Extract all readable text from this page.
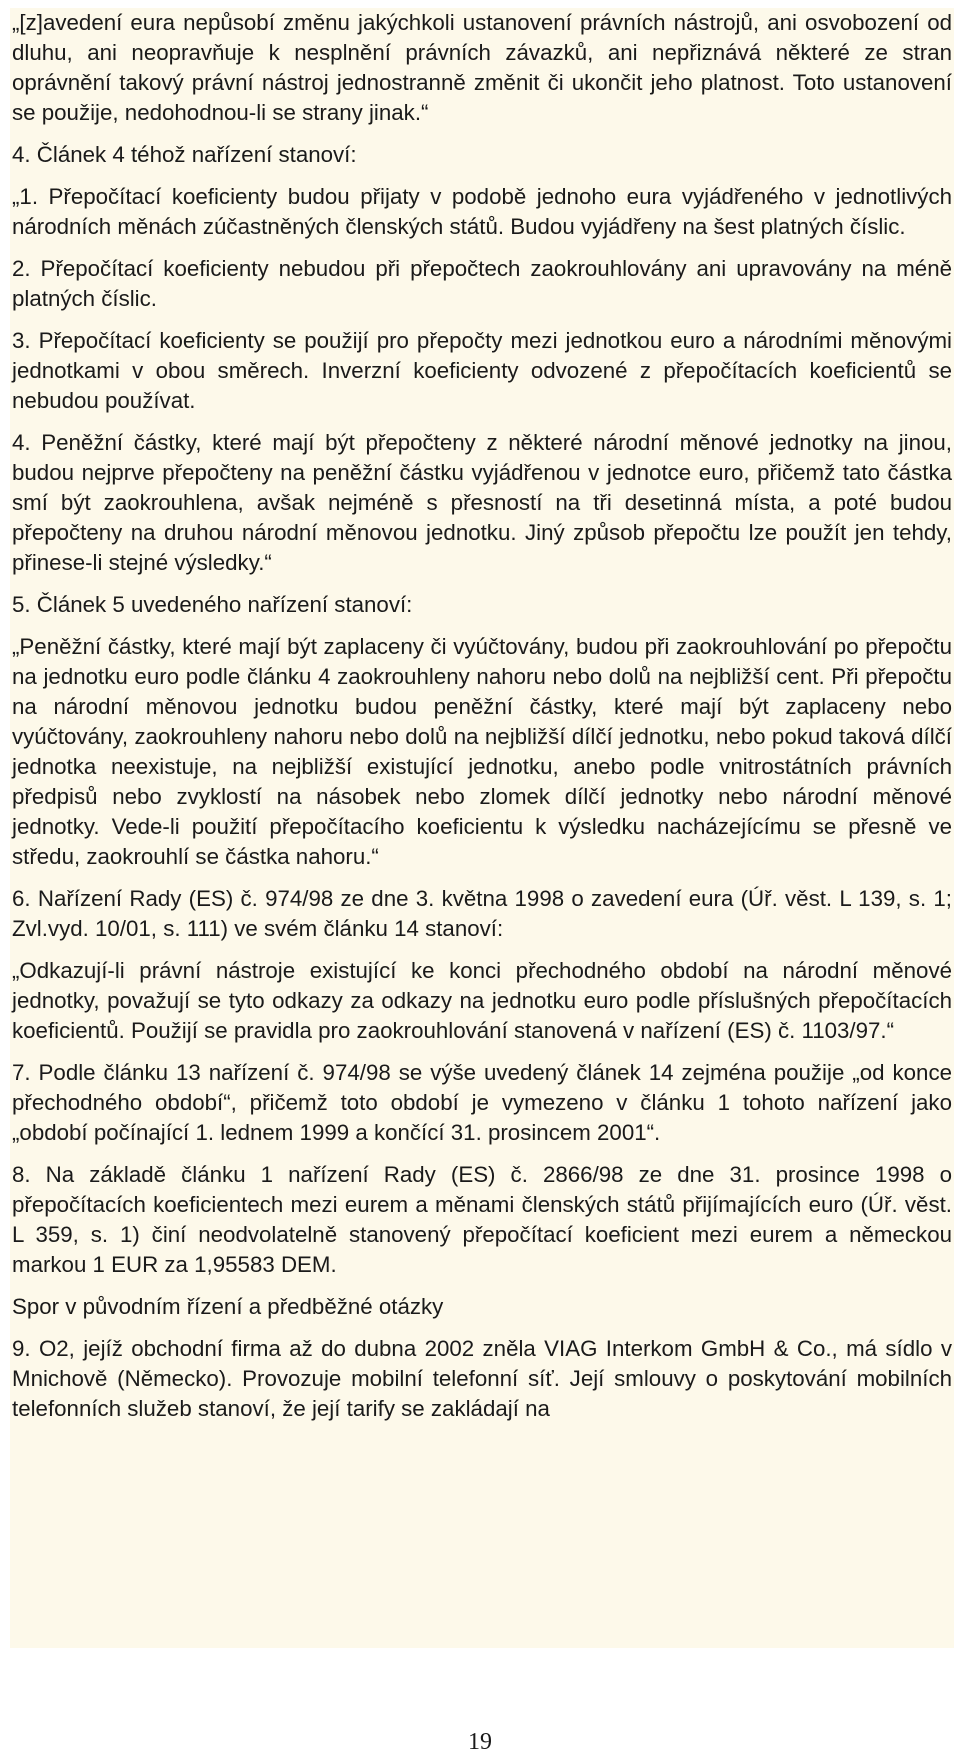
„[z]avedení eura nepůsobí změnu jakýchkoli ustanovení právních nástrojů, ani osvobození od dluhu, ani neopravňuje k nesplnění právních závazků, ani nepřiznává některé ze stran oprávnění takový právní nástroj jednostranně změnit či ukončit jeho platnost. Toto ustanovení se použije, nedohodnou-li se strany jinak.“

4. Článek 4 téhož nařízení stanoví:

„1. Přepočítací koeficienty budou přijaty v podobě jednoho eura vyjádřeného v jednotlivých národních měnách zúčastněných členských států. Budou vyjádřeny na šest platných číslic.

2. Přepočítací koeficienty nebudou při přepočtech zaokrouhlovány ani upravovány na méně platných číslic.

3. Přepočítací koeficienty se použijí pro přepočty mezi jednotkou euro a národními měnovými jednotkami v obou směrech. Inverzní koeficienty odvozené z přepočítacích koeficientů se nebudou používat.

4. Peněžní částky, které mají být přepočteny z některé národní měnové jednotky na jinou, budou nejprve přepočteny na peněžní částku vyjádřenou v jednotce euro, přičemž tato částka smí být zaokrouhlena, avšak nejméně s přesností na tři desetinná místa, a poté budou přepočteny na druhou národní měnovou jednotku. Jiný způsob přepočtu lze použít jen tehdy, přinese-li stejné výsledky.“

5. Článek 5 uvedeného nařízení stanoví:

„Peněžní částky, které mají být zaplaceny či vyúčtovány, budou při zaokrouhlování po přepočtu na jednotku euro podle článku 4 zaokrouhleny nahoru nebo dolů na nejbližší cent. Při přepočtu na národní měnovou jednotku budou peněžní částky, které mají být zaplaceny nebo vyúčtovány, zaokrouhleny nahoru nebo dolů na nejbližší dílčí jednotku, nebo pokud taková dílčí jednotka neexistuje, na nejbližší existující jednotku, anebo podle vnitrostátních právních předpisů nebo zvyklostí na násobek nebo zlomek dílčí jednotky nebo národní měnové jednotky. Vede-li použití přepočítacího koeficientu k výsledku nacházejícímu se přesně ve středu, zaokrouhlí se částka nahoru.“

6. Nařízení Rady (ES) č. 974/98 ze dne 3. května 1998 o zavedení eura (Úř. věst. L 139, s. 1; Zvl.vyd. 10/01, s. 111) ve svém článku 14 stanoví:

„Odkazují-li právní nástroje existující ke konci přechodného období na národní měnové jednotky, považují se tyto odkazy za odkazy na jednotku euro podle příslušných přepočítacích koeficientů. Použijí se pravidla pro zaokrouhlování stanovená v nařízení (ES) č. 1103/97.“

7. Podle článku 13 nařízení č. 974/98 se výše uvedený článek 14 zejména použije „od konce přechodného období“, přičemž toto období je vymezeno v článku 1 tohoto nařízení jako „období počínající 1. lednem 1999 a končící 31. prosincem 2001“.

8. Na základě článku 1 nařízení Rady (ES) č. 2866/98 ze dne 31. prosince 1998 o přepočítacích koeficientech mezi eurem a měnami členských států přijímajících euro (Úř. věst. L 359, s. 1) činí neodvolatelně stanovený přepočítací koeficient mezi eurem a německou markou 1 EUR za 1,95583 DEM.

Spor v původním řízení a předběžné otázky

9. O2, jejíž obchodní firma až do dubna 2002 zněla VIAG Interkom GmbH & Co., má sídlo v Mnichově (Německo). Provozuje mobilní telefonní síť. Její smlouvy o poskytování mobilních telefonních služeb stanoví, že její tarify se zakládají na

19
